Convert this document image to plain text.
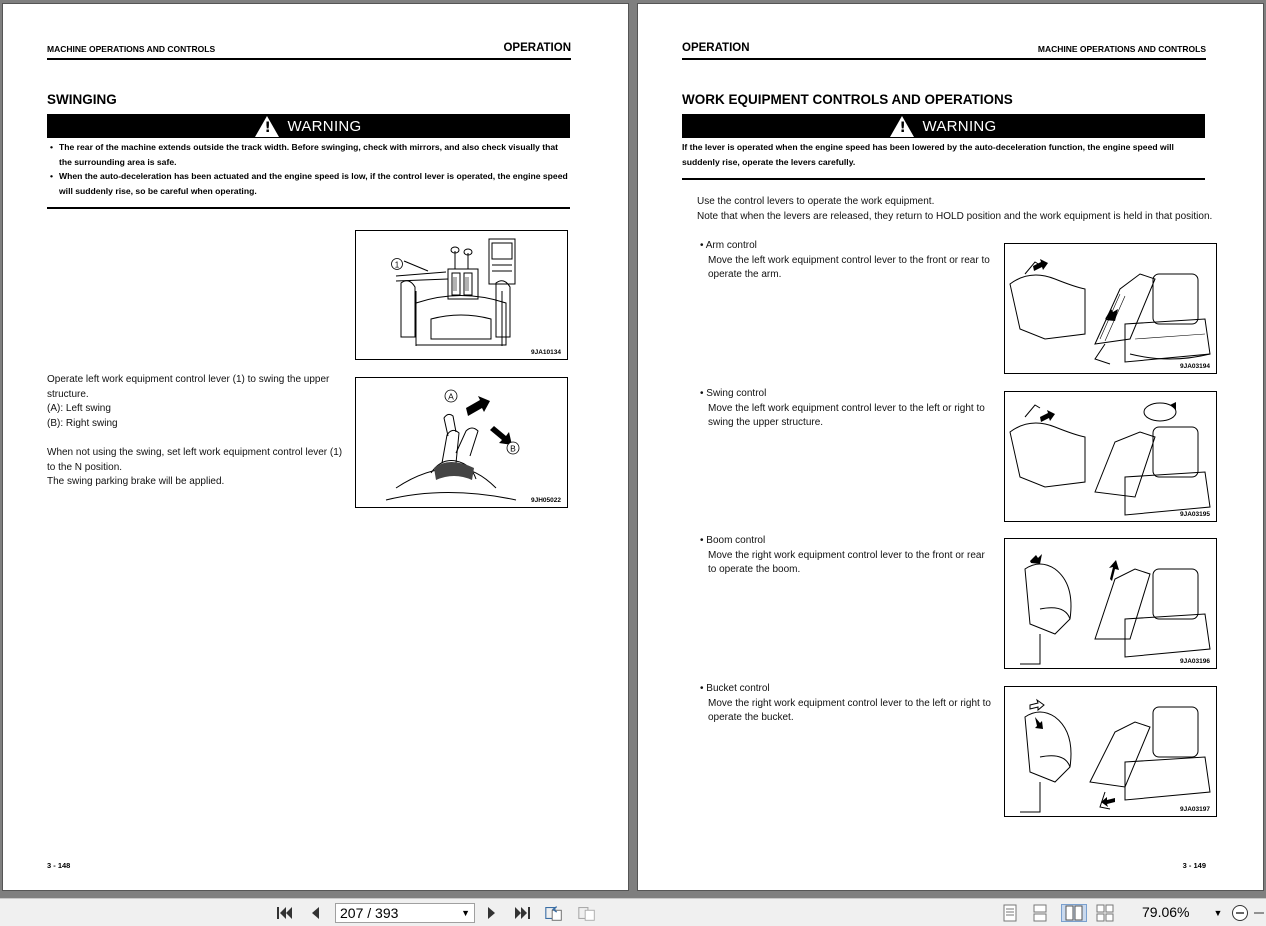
MACHINE OPERATIONS AND CONTROLS	OPERATION
SWINGING
!
WARNING
• The rear of the machine extends outside the track width. Before swinging, check with mirrors, and also check visually that the surrounding area is safe.
• When the auto-deceleration has been actuated and the engine speed is low, if the control lever is operated, the engine speed will suddenly rise, so be careful when operating.
1
9JA10134
Operate left work equipment control lever (1) to swing the upper
structure.
(A): Left swing
(B): Right swing
When not using the swing, set left work equipment control lever (1)
to the N position.
The swing parking brake will be applied.
A
B
9JH05022
3 - 148
OPERATION	MACHINE OPERATIONS AND CONTROLS
WORK EQUIPMENT CONTROLS AND OPERATIONS
!
WARNING
If the lever is operated when the engine speed has been lowered by the auto-deceleration function, the engine speed will suddenly rise, operate the levers carefully.
Use the control levers to operate the work equipment.
Note that when the levers are released, they return to HOLD position and the work equipment is held in that position.
• Arm control
Move the left work equipment control lever to the front or rear to
operate the arm.
9JA03194
• Swing control
Move the left work equipment control lever to the left or right to
swing the upper structure.
9JA03195
• Boom control
Move the right work equipment control lever to the front or rear
to operate the boom.
9JA03196
• Bucket control
Move the right work equipment control lever to the left or right to
operate the bucket.
9JA03197
3 - 149
207 / 393	▼	79.06%	▼
